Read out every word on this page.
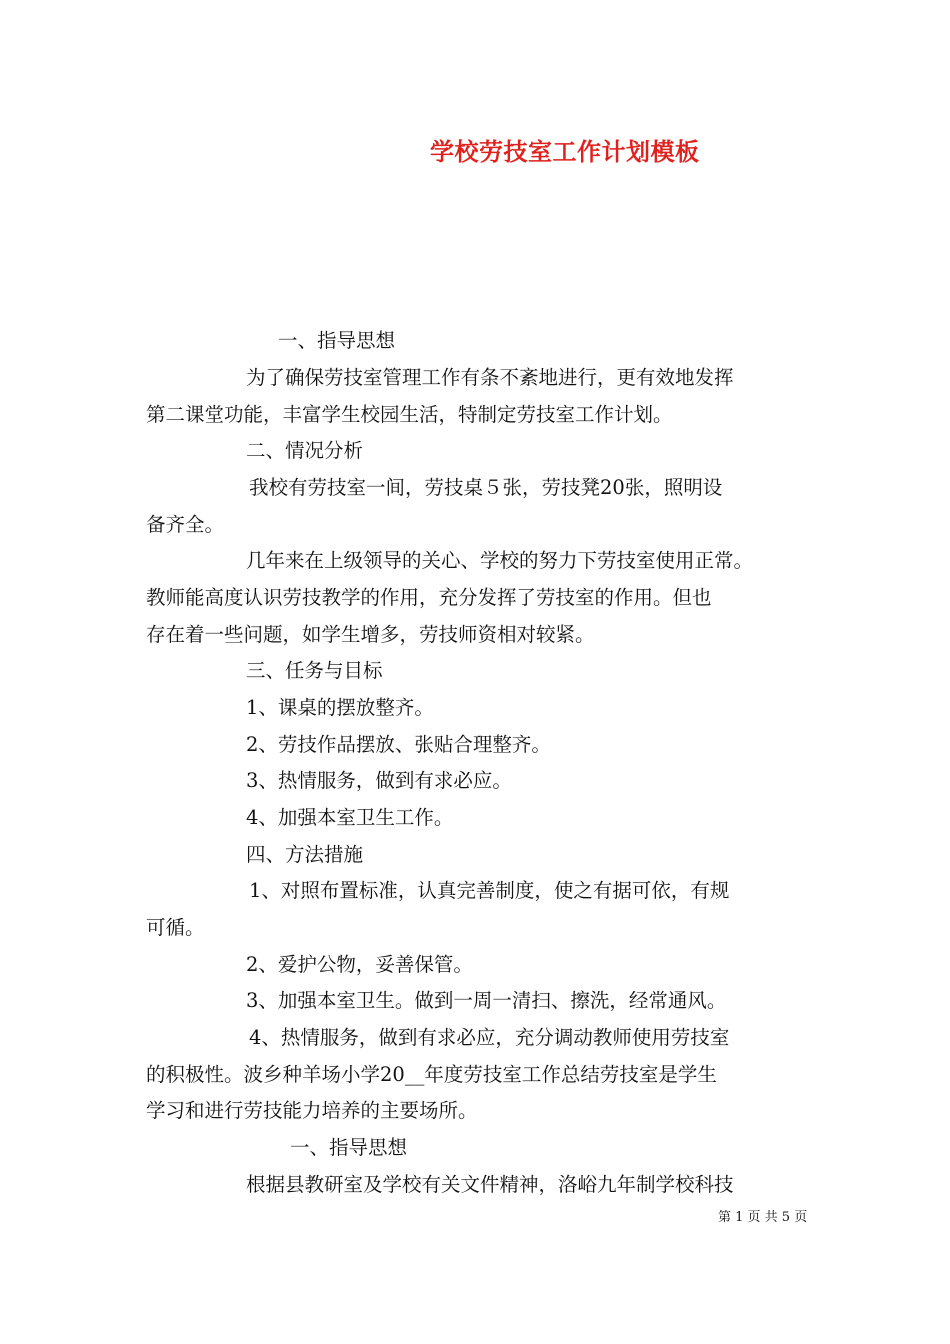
学校劳技室工作计划模板
一、指导思想
为了确保劳技室管理工作有条不紊地进行，更有效地发挥
第二课堂功能，丰富学生校园生活，特制定劳技室工作计划。
二、情况分析
我校有劳技室一间，劳技桌５张，劳技凳20张，照明设
备齐全。
几年来在上级领导的关心、学校的努力下劳技室使用正常。
教师能高度认识劳技教学的作用，充分发挥了劳技室的作用。但也
存在着一些问题，如学生增多，劳技师资相对较紧。
三、任务与目标
1、课桌的摆放整齐。
2、劳技作品摆放、张贴合理整齐。
3、热情服务，做到有求必应。
4、加强本室卫生工作。
四、方法措施
1、对照布置标准，认真完善制度，使之有据可依，有规
可循。
2、爱护公物，妥善保管。
3、加强本室卫生。做到一周一清扫、擦洗，经常通风。
4、热情服务，做到有求必应，充分调动教师使用劳技室
的积极性。波乡种羊场小学20__年度劳技室工作总结劳技室是学生
学习和进行劳技能力培养的主要场所。
一、指导思想
根据县教研室及学校有关文件精神，洛峪九年制学校科技
第 1 页 共 5 页
